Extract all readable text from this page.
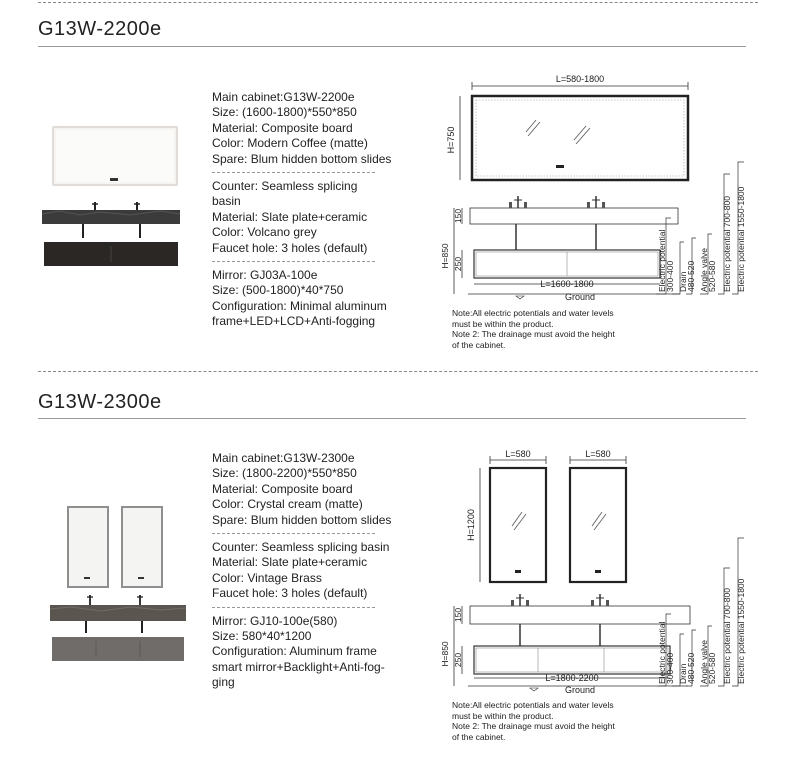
G13W-2200e
Main cabinet:G13W-2200e
Size: (1600-1800)*550*850
Material: Composite board
Color: Modern Coffee (matte)
Spare: Blum hidden bottom slides
Counter: Seamless splicing
basin
Material: Slate plate+ceramic
Color: Volcano grey
Faucet hole: 3 holes (default)
Mirror: GJ03A-100e
Size: (500-1800)*40*750
Configuration: Minimal aluminum
frame+LED+LCD+Anti-fogging
L=580-1800
H=750
L=1600-1800
Ground
H=850
150
250	Electric potential
300-400 Drain
480-520 Angle valve
520-580 Electric potential 700-800 Electric potential 1550-1800
Note:All electric potentials and water levels
must be within the product.
Note 2: The drainage must avoid the height
of the cabinet.
G13W-2300e
Main cabinet:G13W-2300e
Size: (1800-2200)*550*850
Material: Composite board
Color: Crystal cream (matte)
Spare: Blum hidden bottom slides
Counter: Seamless splicing basin
Material: Slate plate+ceramic
Color: Vintage Brass
Faucet hole: 3 holes (default)
Mirror: GJ10-100e(580)
Size: 580*40*1200
Configuration: Aluminum frame
smart mirror+Backlight+Anti-fog-
ging
L=580	L=580
H=1200
L=1800-2200
Ground
H=850
150
250	Electric potential
300-400 Drain
480-520 Angle valve
520-580 Electric potential 700-800 Electric potential 1550-1800
Note:All electric potentials and water levels
must be within the product.
Note 2: The drainage must avoid the height
of the cabinet.
